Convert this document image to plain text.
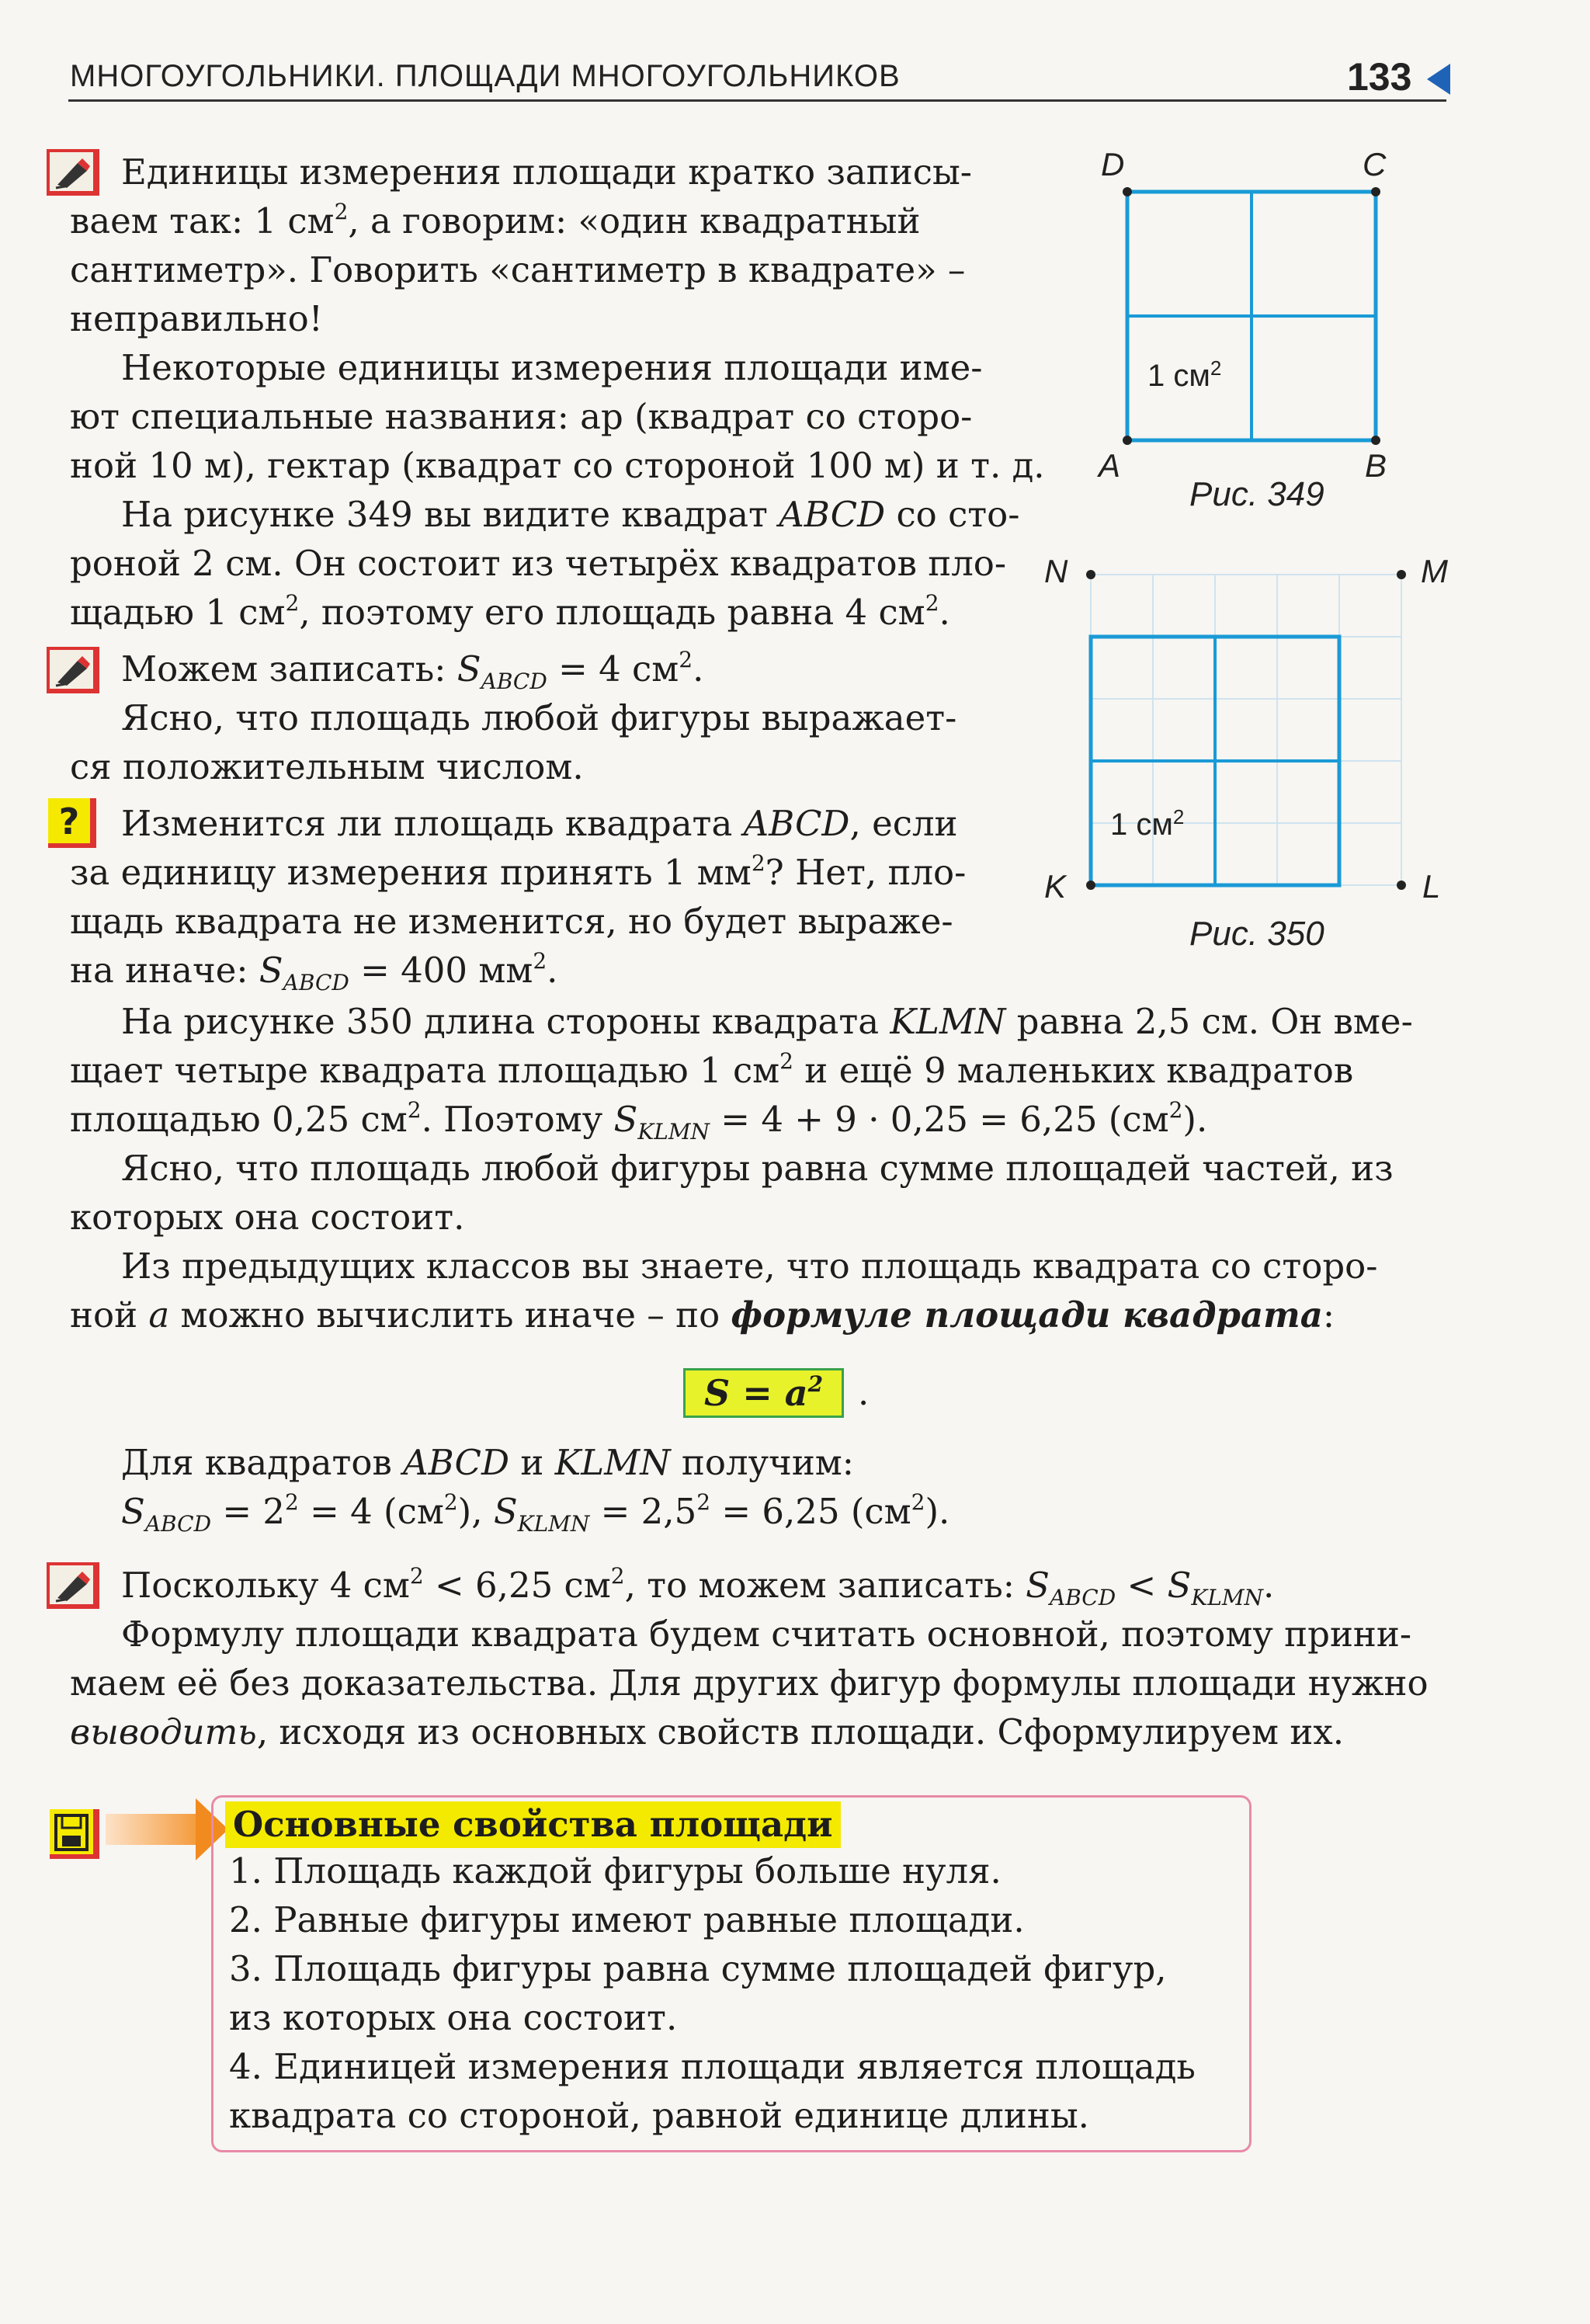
МНОГОУГОЛЬНИКИ. ПЛОЩАДИ МНОГОУГОЛЬНИКОВ	133
D	C
A	B
1 $см^2$
Рис. 349
N	M
K	L
1 $см^2$
Рис. 350
?
Единицы измерения площади кратко записы-
ваем так: 1 $см^2$, а говорим: «один квадратный
сантиметр». Говорить «сантиметр в квадрате» –
неправильно!
Некоторые единицы измерения площади име-
ют специальные названия: ар (квадрат со сторо-
ной 10 м), гектар (квадрат со стороной 100 м) и т. д.
На рисунке 349 вы видите квадрат ABCD со сто-
роной 2 см. Он состоит из четырёх квадратов пло-
щадью 1 $см^2$, поэтому его площадь равна 4 $см^2$.
Можем записать: $S_{ABCD} = 4$ $см^2$.
Ясно, что площадь любой фигуры выражает-
ся положительным числом.
Изменится ли площадь квадрата ABCD, если
за единицу измерения принять 1 $мм^2$? Нет, пло-
щадь квадрата не изменится, но будет выраже-
на иначе: $S_{ABCD} = 400$ $мм^2$.
На рисунке 350 длина стороны квадрата KLMN равна 2,5 см. Он вме-
щает четыре квадрата площадью 1 $см^2$ и ещё 9 маленьких квадратов
площадью 0,25 $см^2$. Поэтому $S_{KLMN} = 4 + 9 \cdot 0,25 = 6,25$ $(см^2)$.
Ясно, что площадь любой фигуры равна сумме площадей частей, из
которых она состоит.
Из предыдущих классов вы знаете, что площадь квадрата со сторо-
ной a можно вычислить иначе – по формуле площади квадрата:
$S = a^2$ .
Для квадратов ABCD и KLMN получим:
$S_{ABCD} = 2^2 = 4$ $(см^2)$, $S_{KLMN} = 2,5^2 = 6,25$ $(см^2)$.
Поскольку 4 $см^2 < 6,25$ $см^2$, то можем записать: $S_{ABCD} < S_{KLMN}$.
Формулу площади квадрата будем считать основной, поэтому прини-
маем её без доказательства. Для других фигур формулы площади нужно
выводить, исходя из основных свойств площади. Сформулируем их.
Основные свойства площади
1. Площадь каждой фигуры больше нуля.
2. Равные фигуры имеют равные площади.
3. Площадь фигуры равна сумме площадей фигур,
из которых она состоит.
4. Единицей измерения площади является площадь
квадрата со стороной, равной единице длины.
